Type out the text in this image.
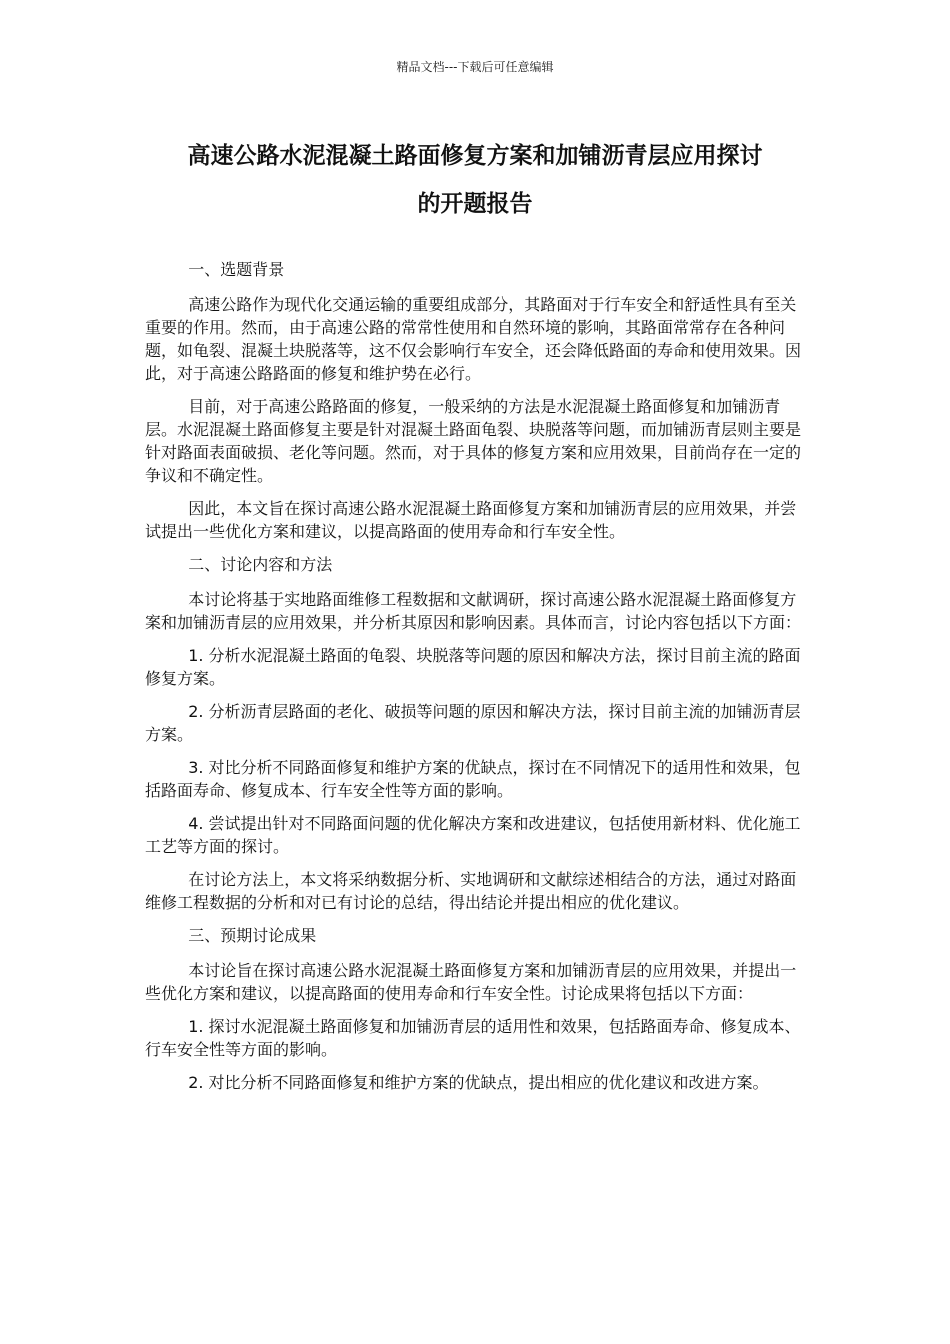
精品文档---下载后可任意编辑
高速公路水泥混凝土路面修复方案和加铺沥青层应用探讨
的开题报告

一、选题背景

高速公路作为现代化交通运输的重要组成部分，其路面对于行车安全和舒适性具有至关重要的作用。然而，由于高速公路的常常性使用和自然环境的影响，其路面常常存在各种问题，如龟裂、混凝土块脱落等，这不仅会影响行车安全，还会降低路面的寿命和使用效果。因此，对于高速公路路面的修复和维护势在必行。

目前，对于高速公路路面的修复，一般采纳的方法是水泥混凝土路面修复和加铺沥青层。水泥混凝土路面修复主要是针对混凝土路面龟裂、块脱落等问题，而加铺沥青层则主要是针对路面表面破损、老化等问题。然而，对于具体的修复方案和应用效果，目前尚存在一定的争议和不确定性。

因此，本文旨在探讨高速公路水泥混凝土路面修复方案和加铺沥青层的应用效果，并尝试提出一些优化方案和建议，以提高路面的使用寿命和行车安全性。

二、讨论内容和方法

本讨论将基于实地路面维修工程数据和文献调研，探讨高速公路水泥混凝土路面修复方案和加铺沥青层的应用效果，并分析其原因和影响因素。具体而言，讨论内容包括以下方面：

1. 分析水泥混凝土路面的龟裂、块脱落等问题的原因和解决方法，探讨目前主流的路面修复方案。

2. 分析沥青层路面的老化、破损等问题的原因和解决方法，探讨目前主流的加铺沥青层方案。

3. 对比分析不同路面修复和维护方案的优缺点，探讨在不同情况下的适用性和效果，包括路面寿命、修复成本、行车安全性等方面的影响。

4. 尝试提出针对不同路面问题的优化解决方案和改进建议，包括使用新材料、优化施工工艺等方面的探讨。

在讨论方法上，本文将采纳数据分析、实地调研和文献综述相结合的方法，通过对路面维修工程数据的分析和对已有讨论的总结，得出结论并提出相应的优化建议。

三、预期讨论成果

本讨论旨在探讨高速公路水泥混凝土路面修复方案和加铺沥青层的应用效果，并提出一些优化方案和建议，以提高路面的使用寿命和行车安全性。讨论成果将包括以下方面：

1. 探讨水泥混凝土路面修复和加铺沥青层的适用性和效果，包括路面寿命、修复成本、行车安全性等方面的影响。

2. 对比分析不同路面修复和维护方案的优缺点，提出相应的优化建议和改进方案。
